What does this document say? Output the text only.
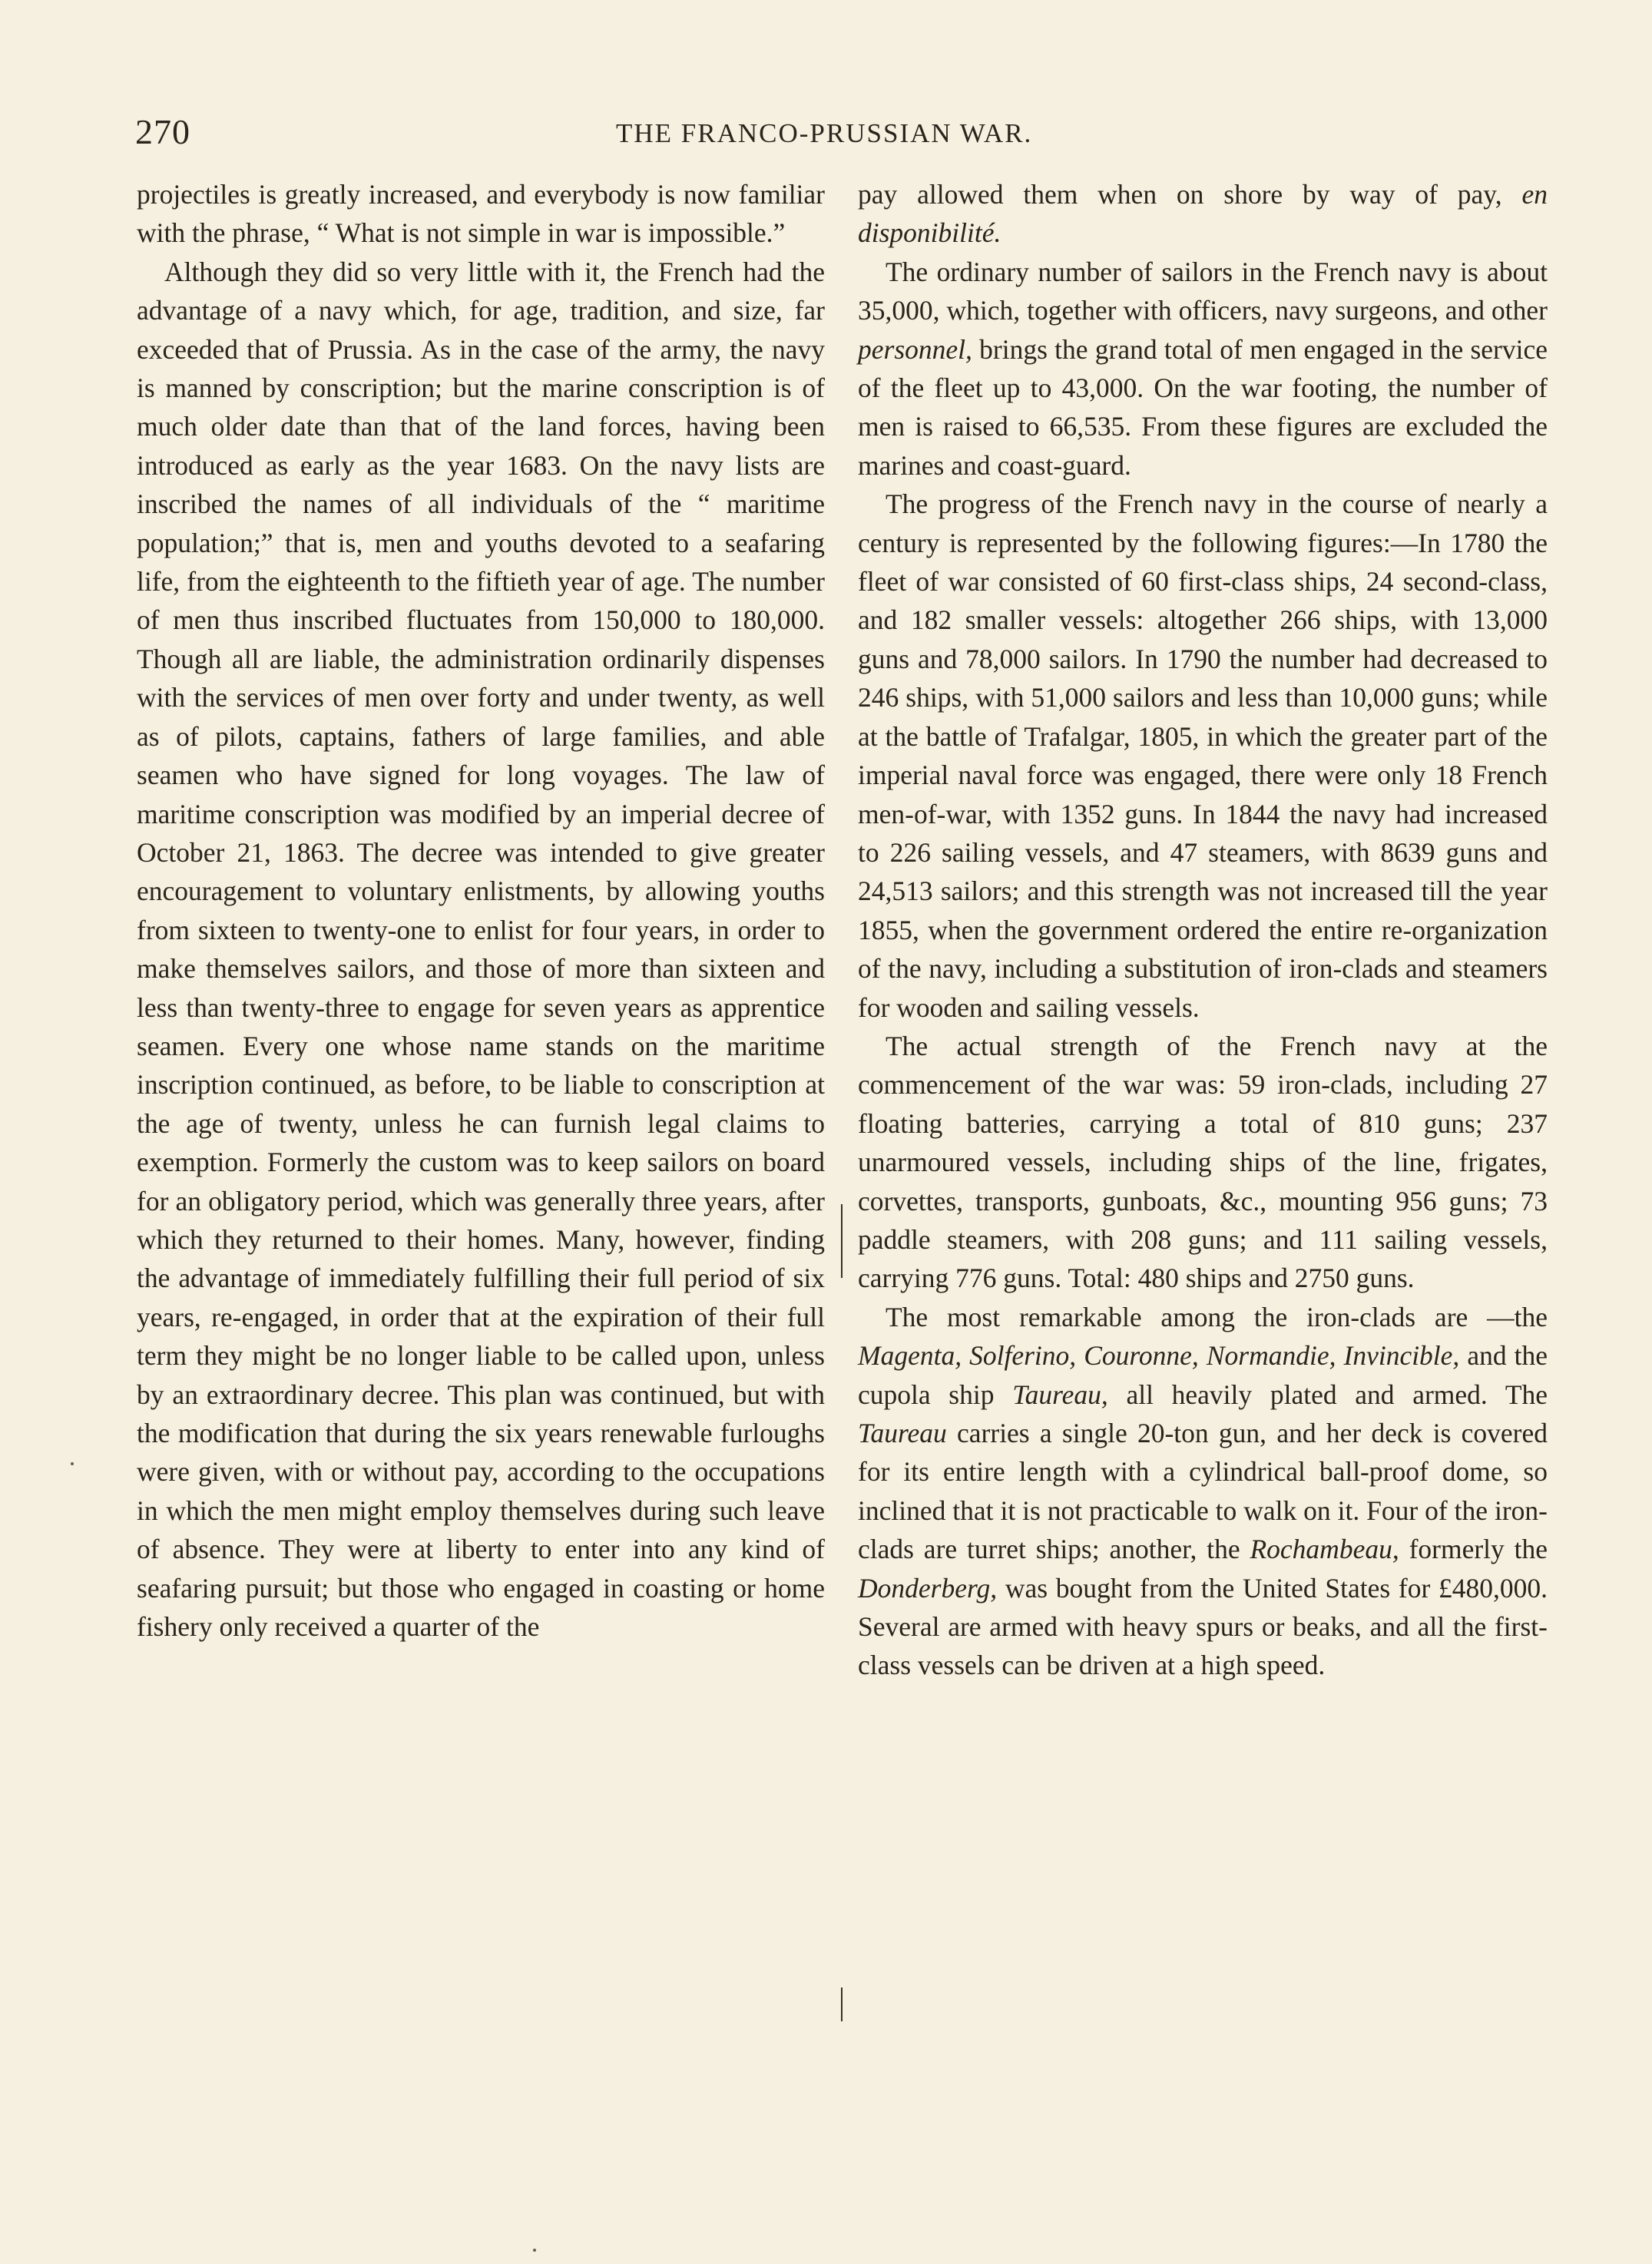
270	THE FRANCO-PRUSSIAN WAR.

projectiles is greatly increased, and everybody is now familiar with the phrase, “ What is not simple in war is impossible.”

Although they did so very little with it, the French had the advantage of a navy which, for age, tradition, and size, far exceeded that of Prussia. As in the case of the army, the navy is manned by conscription; but the marine conscription is of much older date than that of the land forces, having been introduced as early as the year 1683. On the navy lists are inscribed the names of all individuals of the “ maritime population;” that is, men and youths devoted to a seafaring life, from the eighteenth to the fiftieth year of age. The number of men thus inscribed fluctuates from 150,000 to 180,000. Though all are liable, the administration ordinarily dispenses with the services of men over forty and under twenty, as well as of pilots, captains, fathers of large families, and able seamen who have signed for long voyages. The law of maritime conscription was modified by an imperial decree of October 21, 1863. The decree was intended to give greater encouragement to voluntary enlistments, by allowing youths from sixteen to twenty-one to enlist for four years, in order to make themselves sailors, and those of more than sixteen and less than twenty-three to engage for seven years as apprentice seamen. Every one whose name stands on the maritime inscription continued, as before, to be liable to conscription at the age of twenty, unless he can furnish legal claims to exemption. Formerly the custom was to keep sailors on board for an obligatory period, which was generally three years, after which they returned to their homes. Many, however, finding the advantage of immediately fulfilling their full period of six years, re-engaged, in order that at the expiration of their full term they might be no longer liable to be called upon, unless by an extraordinary decree. This plan was continued, but with the modification that during the six years renewable furloughs were given, with or without pay, according to the occupations in which the men might employ themselves during such leave of absence. They were at liberty to enter into any kind of seafaring pursuit; but those who engaged in coasting or home fishery only received a quarter of the

pay allowed them when on shore by way of pay, en disponibilité.

The ordinary number of sailors in the French navy is about 35,000, which, together with officers, navy surgeons, and other personnel, brings the grand total of men engaged in the service of the fleet up to 43,000. On the war footing, the number of men is raised to 66,535. From these figures are excluded the marines and coast-guard.

The progress of the French navy in the course of nearly a century is represented by the following figures:—In 1780 the fleet of war consisted of 60 first-class ships, 24 second-class, and 182 smaller vessels: altogether 266 ships, with 13,000 guns and 78,000 sailors. In 1790 the number had decreased to 246 ships, with 51,000 sailors and less than 10,000 guns; while at the battle of Trafalgar, 1805, in which the greater part of the imperial naval force was engaged, there were only 18 French men-of-war, with 1352 guns. In 1844 the navy had increased to 226 sailing vessels, and 47 steamers, with 8639 guns and 24,513 sailors; and this strength was not increased till the year 1855, when the government ordered the entire re-organization of the navy, including a substitution of iron-clads and steamers for wooden and sailing vessels.

The actual strength of the French navy at the commencement of the war was: 59 iron-clads, including 27 floating batteries, carrying a total of 810 guns; 237 unarmoured vessels, including ships of the line, frigates, corvettes, transports, gunboats, &c., mounting 956 guns; 73 paddle steamers, with 208 guns; and 111 sailing vessels, carrying 776 guns. Total: 480 ships and 2750 guns.

The most remarkable among the iron-clads are —the Magenta, Solferino, Couronne, Normandie, Invincible, and the cupola ship Taureau, all heavily plated and armed. The Taureau carries a single 20-ton gun, and her deck is covered for its entire length with a cylindrical ball-proof dome, so inclined that it is not practicable to walk on it. Four of the iron-clads are turret ships; another, the Rochambeau, formerly the Donderberg, was bought from the United States for £480,000. Several are armed with heavy spurs or beaks, and all the first-class vessels can be driven at a high speed.
